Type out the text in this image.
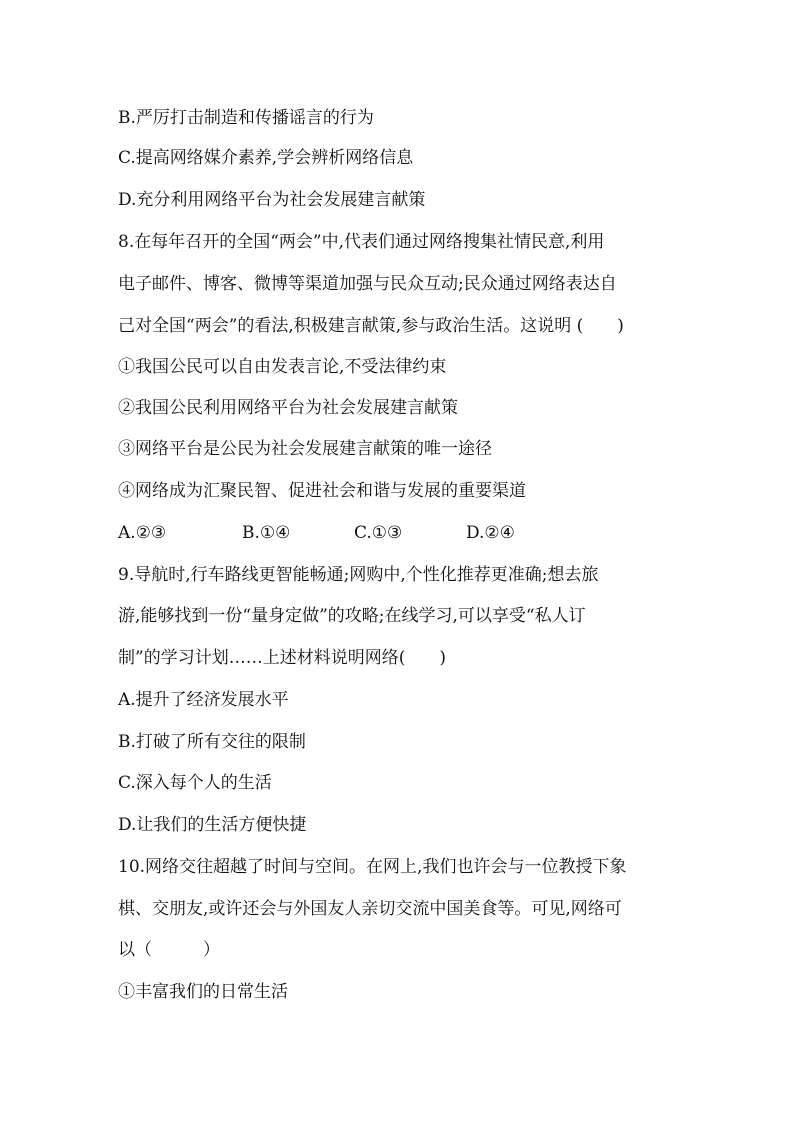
B.严厉打击制造和传播谣言的行为
C.提高网络媒介素养,学会辨析网络信息
D.充分利用网络平台为社会发展建言献策
8.在每年召开的全国“两会”中,代表们通过网络搜集社情民意,利用
电子邮件、博客、微博等渠道加强与民众互动;民众通过网络表达自
己对全国“两会”的看法,积极建言献策,参与政治生活。这说明 (　　)
①我国公民可以自由发表言论,不受法律约束
②我国公民利用网络平台为社会发展建言献策
③网络平台是公民为社会发展建言献策的唯一途径
④网络成为汇聚民智、促进社会和谐与发展的重要渠道
A.②③	B.①④	C.①③	D.②④
9.导航时,行车路线更智能畅通;网购中,个性化推荐更准确;想去旅
游,能够找到一份“量身定做”的攻略;在线学习,可以享受“私人订
制”的学习计划……上述材料说明网络(　　)
A.提升了经济发展水平
B.打破了所有交往的限制
C.深入每个人的生活
D.让我们的生活方便快捷
10.网络交往超越了时间与空间。在网上,我们也许会与一位教授下象
棋、交朋友,或许还会与外国友人亲切交流中国美食等。可见,网络可
以（　　　）
①丰富我们的日常生活
